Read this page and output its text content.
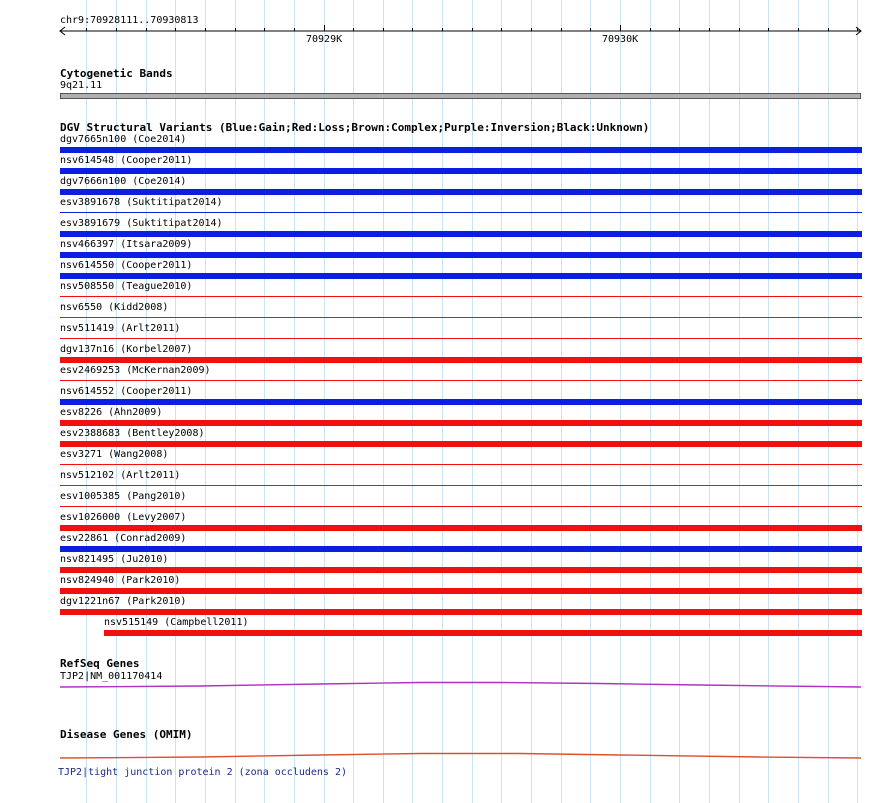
chr9:70928111..70930813
70929K	70930K
Cytogenetic Bands
9q21.11
DGV Structural Variants (Blue:Gain;Red:Loss;Brown:Complex;Purple:Inversion;Black:Unknown)
dgv7665n100 (Coe2014)
nsv614548 (Cooper2011)
dgv7666n100 (Coe2014)
esv3891678 (Suktitipat2014)
esv3891679 (Suktitipat2014)
nsv466397 (Itsara2009)
nsv614550 (Cooper2011)
nsv508550 (Teague2010)
nsv6550 (Kidd2008)
nsv511419 (Arlt2011)
dgv137n16 (Korbel2007)
esv2469253 (McKernan2009)
nsv614552 (Cooper2011)
esv8226 (Ahn2009)
esv2388683 (Bentley2008)
esv3271 (Wang2008)
nsv512102 (Arlt2011)
esv1005385 (Pang2010)
esv1026000 (Levy2007)
esv22861 (Conrad2009)
nsv821495 (Ju2010)
nsv824940 (Park2010)
dgv1221n67 (Park2010)
nsv515149 (Campbell2011)
RefSeq Genes
TJP2|NM_001170414
Disease Genes (OMIM)
TJP2|tight junction protein 2 (zona occludens 2)
